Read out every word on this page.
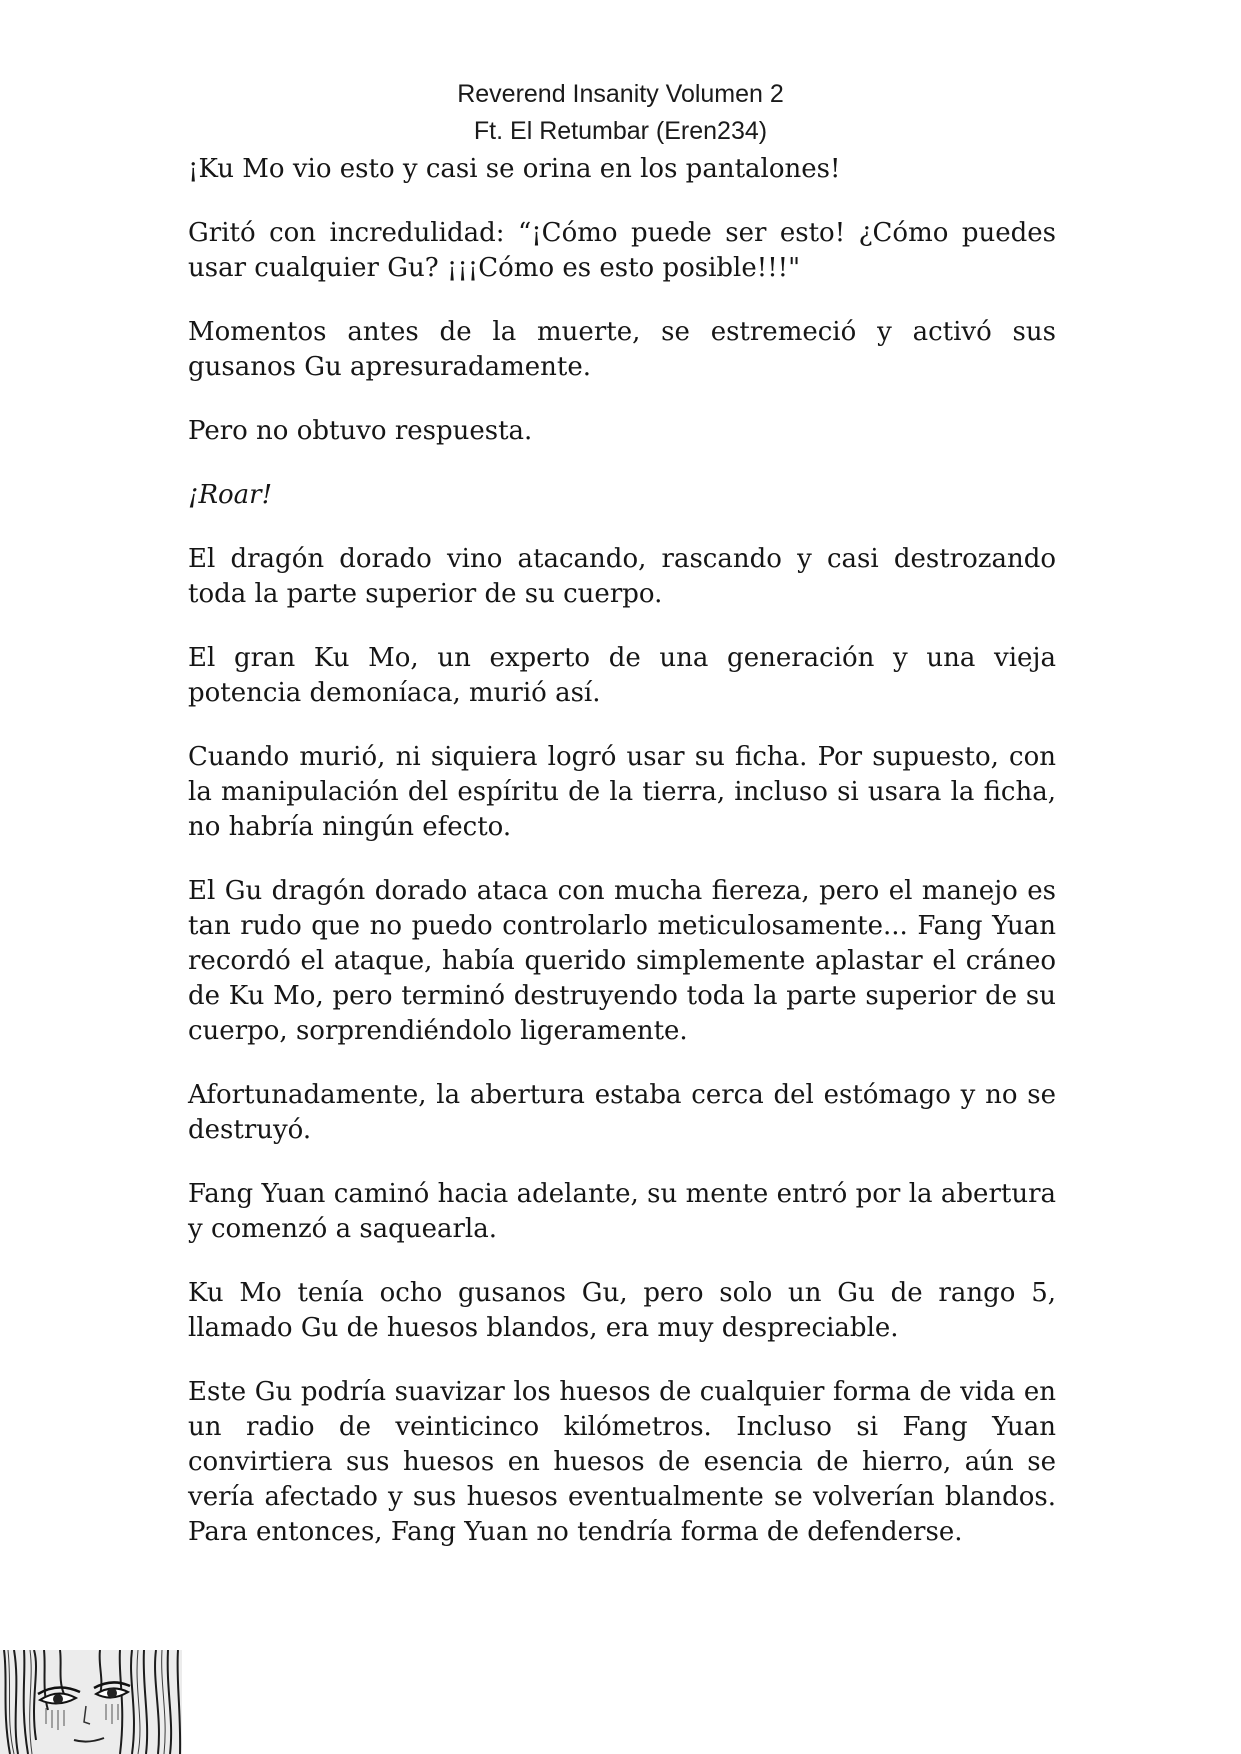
Reverend Insanity Volumen 2
Ft. El Retumbar (Eren234)

¡Ku Mo vio esto y casi se orina en los pantalones!

Gritó con incredulidad: “¡Cómo puede ser esto! ¿Cómo puedes usar cualquier Gu? ¡¡¡Cómo es esto posible!!!"

Momentos antes de la muerte, se estremeció y activó sus gusanos Gu apresuradamente.

Pero no obtuvo respuesta.

¡Roar!

El dragón dorado vino atacando, rascando y casi destrozando toda la parte superior de su cuerpo.

El gran Ku Mo, un experto de una generación y una vieja potencia demoníaca, murió así.

Cuando murió, ni siquiera logró usar su ficha. Por supuesto, con la manipulación del espíritu de la tierra, incluso si usara la ficha, no habría ningún efecto.

El Gu dragón dorado ataca con mucha fiereza, pero el manejo es tan rudo que no puedo controlarlo meticulosamente... Fang Yuan recordó el ataque, había querido simplemente aplastar el cráneo de Ku Mo, pero terminó destruyendo toda la parte superior de su cuerpo, sorprendiéndolo ligeramente.

Afortunadamente, la abertura estaba cerca del estómago y no se destruyó.

Fang Yuan caminó hacia adelante, su mente entró por la abertura y comenzó a saquearla.

Ku Mo tenía ocho gusanos Gu, pero solo un Gu de rango 5, llamado Gu de huesos blandos, era muy despreciable.

Este Gu podría suavizar los huesos de cualquier forma de vida en un radio de veinticinco kilómetros. Incluso si Fang Yuan convirtiera sus huesos en huesos de esencia de hierro, aún se vería afectado y sus huesos eventualmente se volverían blandos. Para entonces, Fang Yuan no tendría forma de defenderse.
